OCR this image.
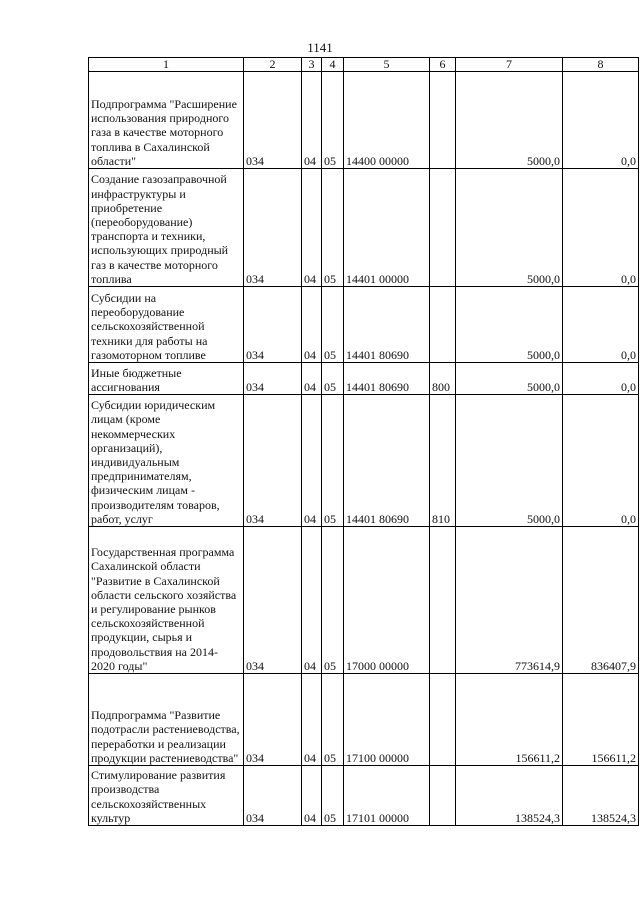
1141
1	2	3	4	5	6	7	8
Подпрограмма "Расширение использования природного газа в качестве моторного топлива в Сахалинской области"	034	04	05	14400 00000		5000,0	0,0
Создание газозаправочной инфраструктуры и приобретение (переоборудование) транспорта и техники, использующих природный газ в качестве моторного топлива	034	04	05	14401 00000		5000,0	0,0
Субсидии на переоборудование сельскохозяйственной техники для работы на газомоторном топливе	034	04	05	14401 80690		5000,0	0,0
Иные бюджетные ассигнования	034	04	05	14401 80690	800	5000,0	0,0
Субсидии юридическим лицам (кроме некоммерческих организаций), индивидуальным предпринимателям, физическим лицам - производителям товаров, работ, услуг	034	04	05	14401 80690	810	5000,0	0,0
Государственная программа Сахалинской области "Развитие в Сахалинской области сельского хозяйства и регулирование рынков сельскохозяйственной продукции, сырья и продовольствия на 2014-2020 годы"	034	04	05	17000 00000		773614,9	836407,9
Подпрограмма "Развитие подотрасли растениеводства, переработки и реализации продукции растениеводства"	034	04	05	17100 00000		156611,2	156611,2
Стимулирование развития производства сельскохозяйственных культур	034	04	05	17101 00000		138524,3	138524,3
